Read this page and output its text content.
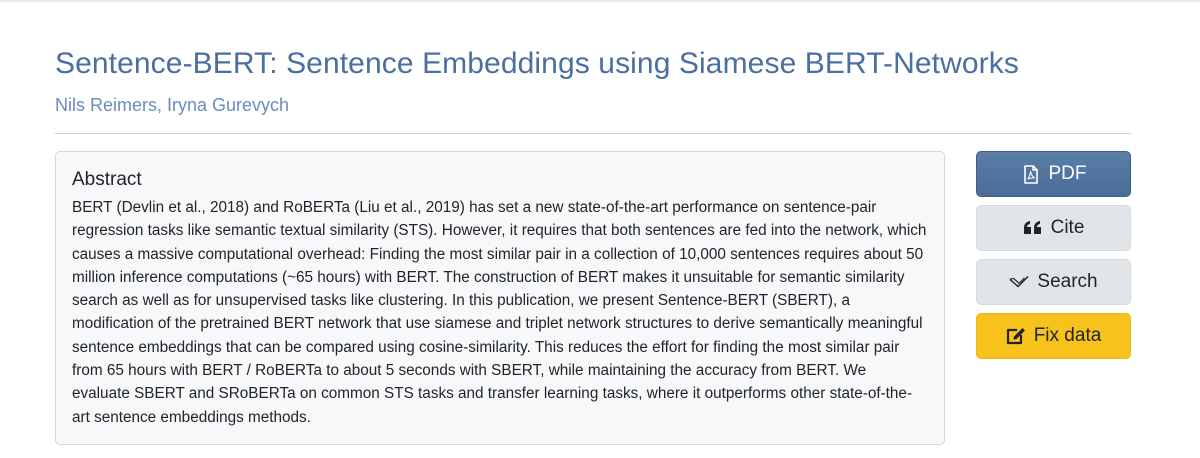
Sentence-BERT: Sentence Embeddings using Siamese BERT-Networks
Nils Reimers, Iryna Gurevych
Abstract

BERT (Devlin et al., 2018) and RoBERTa (Liu et al., 2019) has set a new state-of-the-art performance on sentence-pair regression tasks like semantic textual similarity (STS). However, it requires that both sentences are fed into the network, which causes a massive computational overhead: Finding the most similar pair in a collection of 10,000 sentences requires about 50 million inference computations (~65 hours) with BERT. The construction of BERT makes it unsuitable for semantic similarity search as well as for unsupervised tasks like clustering. In this publication, we present Sentence-BERT (SBERT), a modification of the pretrained BERT network that use siamese and triplet network structures to derive semantically meaningful sentence embeddings that can be compared using cosine-similarity. This reduces the effort for finding the most similar pair from 65 hours with BERT / RoBERTa to about 5 seconds with SBERT, while maintaining the accuracy from BERT. We evaluate SBERT and SRoBERTa on common STS tasks and transfer learning tasks, where it outperforms other state-of-the-art sentence embeddings methods.

PDF
Cite
Search
Fix data
